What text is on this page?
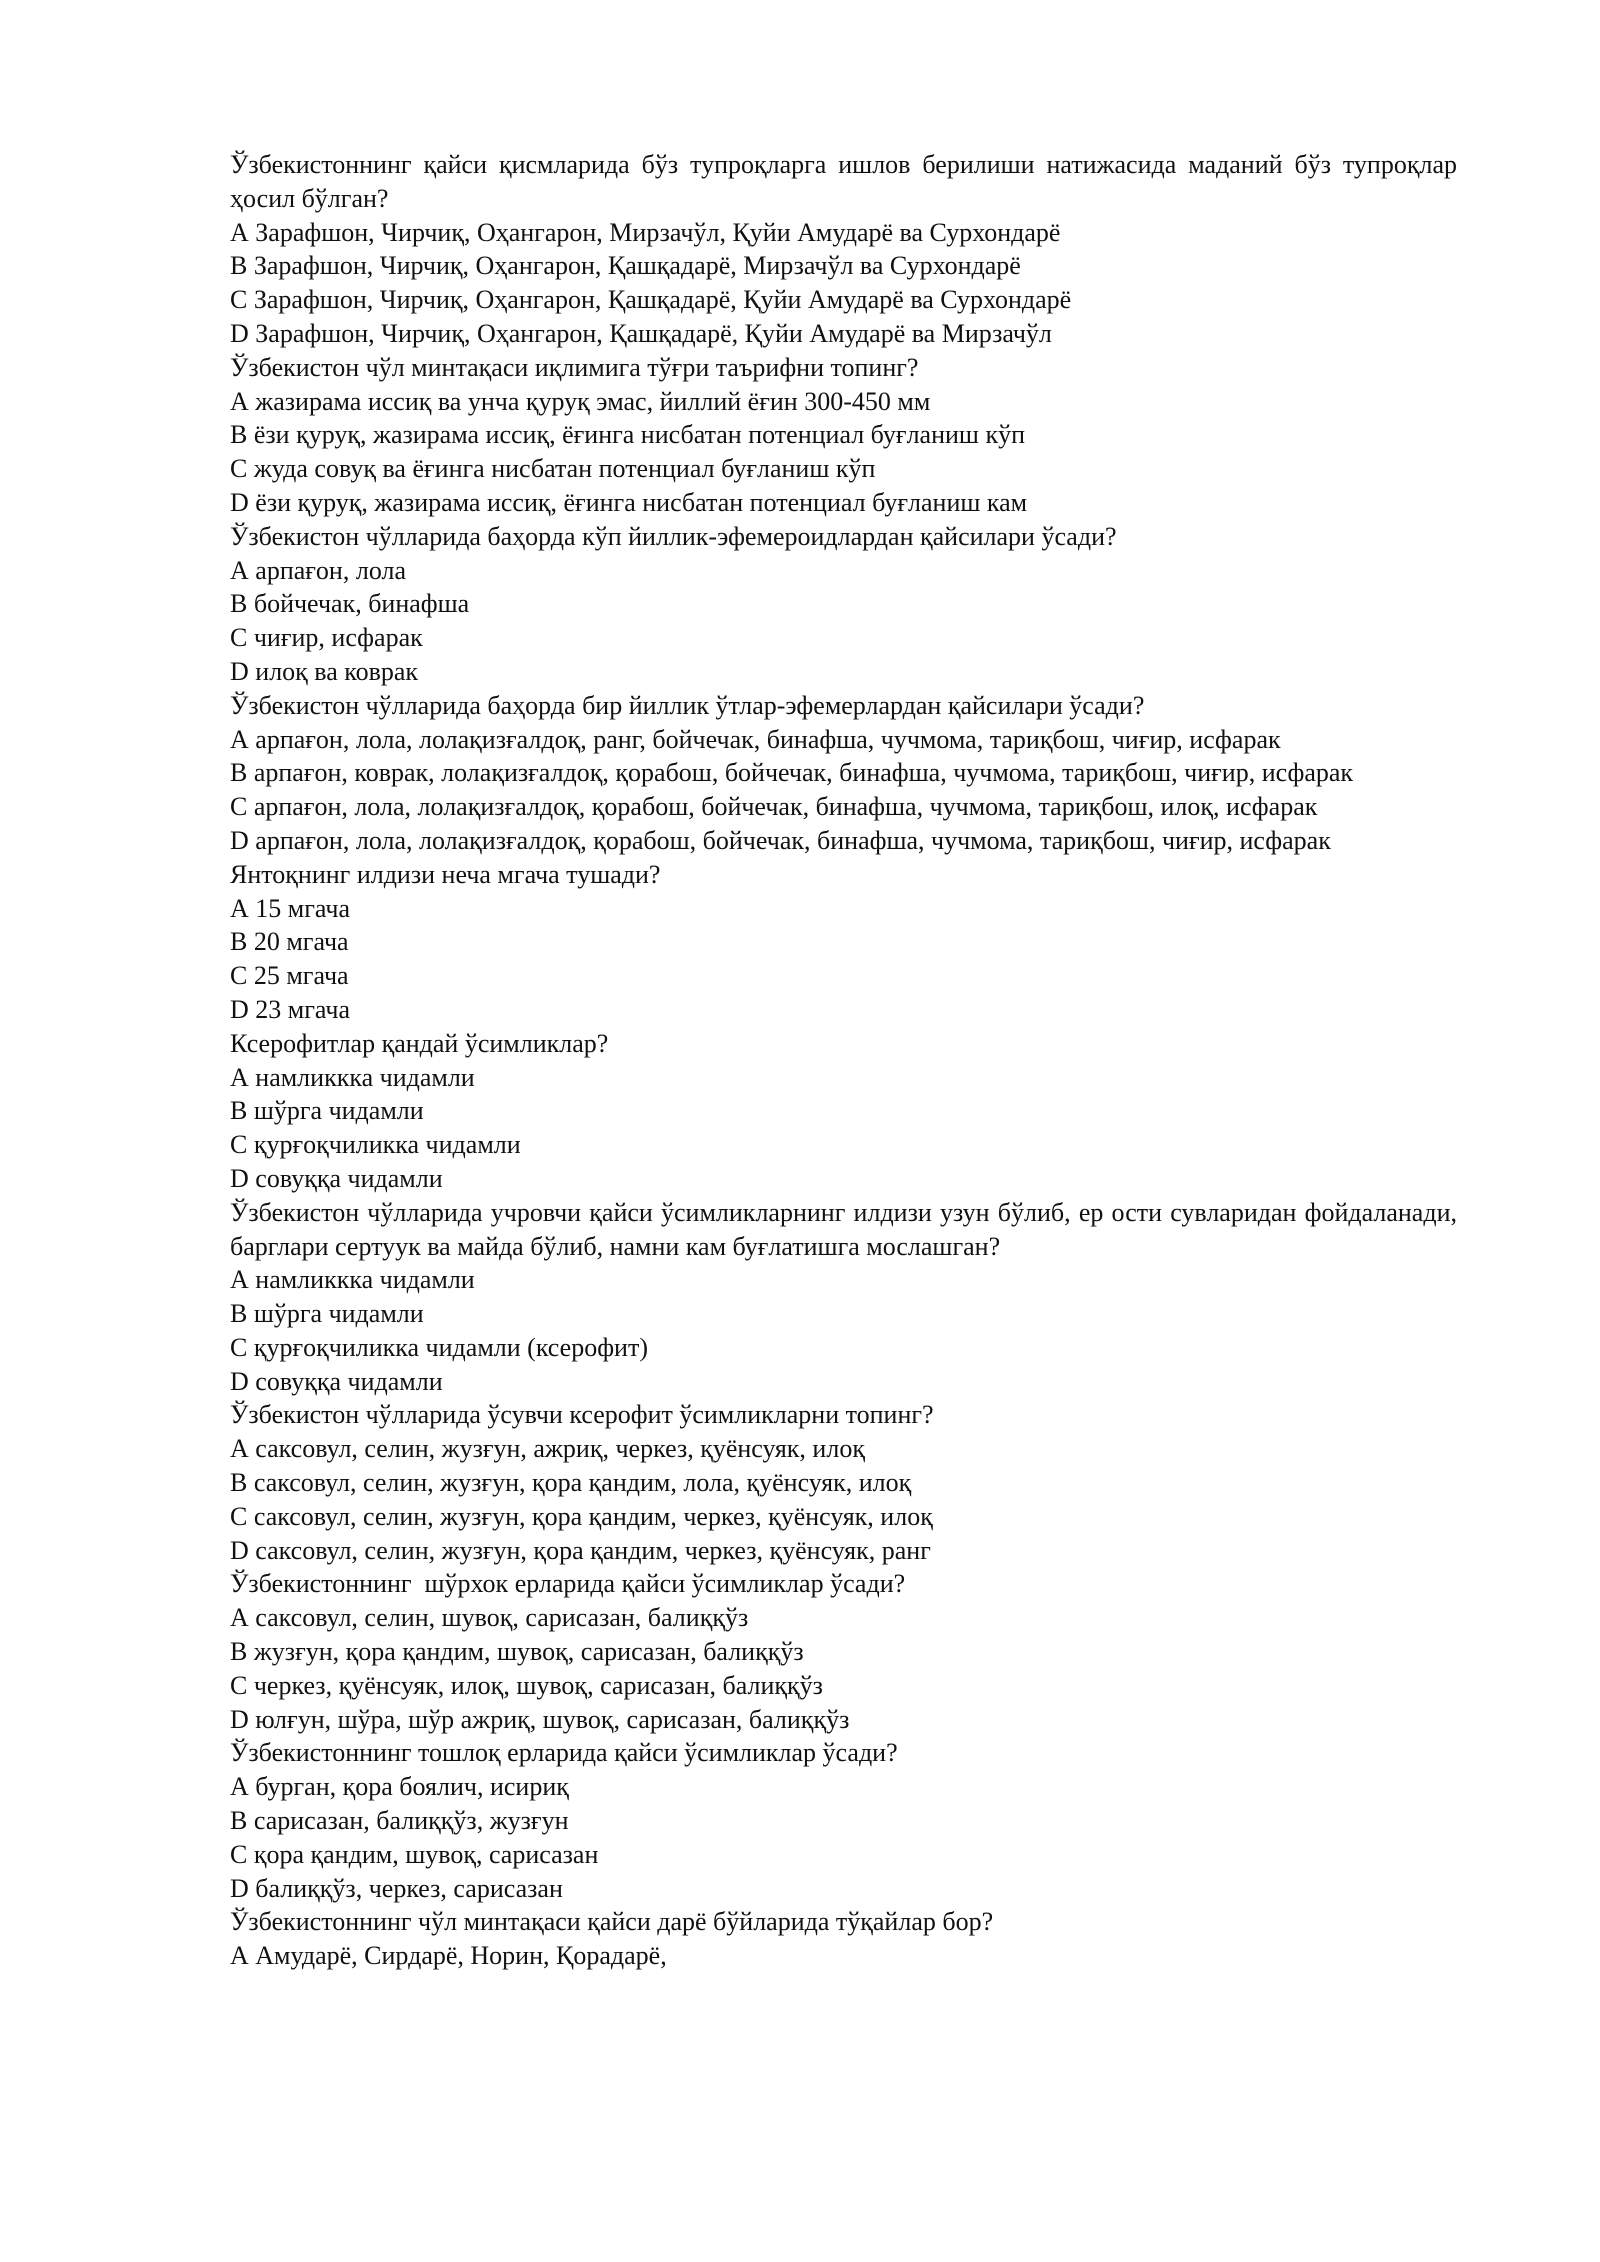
Ўзбекистоннинг қайси қисмларида бўз тупроқларга ишлов берилиши натижасида маданий бўз тупроқлар ҳосил бўлган?

А Зарафшон, Чирчиқ, Оҳангарон, Мирзачўл, Қуйи Амударё ва Сурхондарё

В Зарафшон, Чирчиқ, Оҳангарон, Қашқадарё, Мирзачўл ва Сурхондарё

С Зарафшон, Чирчиқ, Оҳангарон, Қашқадарё, Қуйи Амударё ва Сурхондарё

D Зарафшон, Чирчиқ, Оҳангарон, Қашқадарё, Қуйи Амударё ва Мирзачўл

Ўзбекистон чўл минтақаси иқлимига тўғри таърифни топинг?

А жазирама иссиқ ва унча қуруқ эмас, йиллий ёғин 300-450 мм

В ёзи қуруқ, жазирама иссиқ, ёғинга нисбатан потенциал буғланиш кўп

С жуда совуқ ва ёғинга нисбатан потенциал буғланиш кўп

D ёзи қуруқ, жазирама иссиқ, ёғинга нисбатан потенциал буғланиш кам

Ўзбекистон чўлларида баҳорда кўп йиллик-эфемероидлардан қайсилари ўсади?

А арпағон, лола

В бойчечак, бинафша

С чиғир, исфарак

D илоқ ва коврак

Ўзбекистон чўлларида баҳорда бир йиллик ўтлар-эфемерлардан қайсилари ўсади?

А арпағон, лола, лолақизғалдоқ, ранг, бойчечак, бинафша, чучмома, тариқбош, чиғир, исфарак

В арпағон, коврак, лолақизғалдоқ, қорабош, бойчечак, бинафша, чучмома, тариқбош, чиғир, исфарак

С арпағон, лола, лолақизғалдоқ, қорабош, бойчечак, бинафша, чучмома, тариқбош, илоқ, исфарак

D арпағон, лола, лолақизғалдоқ, қорабош, бойчечак, бинафша, чучмома, тариқбош, чиғир, исфарак

Янтоқнинг илдизи неча мгача тушади?

А 15 мгача

В 20 мгача

С 25 мгача

D 23 мгача

Ксерофитлар қандай ўсимликлар?

А намликкка чидамли

В шўрга чидамли

С қурғоқчиликка чидамли

D совуққа чидамли

Ўзбекистон чўлларида учровчи қайси ўсимликларнинг илдизи узун бўлиб, ер ости сувларидан фойдаланади, барглари сертуук ва майда бўлиб, намни кам буғлатишга мослашган?

А намликкка чидамли

В шўрга чидамли

С қурғоқчиликка чидамли (ксерофит)

D совуққа чидамли

Ўзбекистон чўлларида ўсувчи ксерофит ўсимликларни топинг?

А саксовул, селин, жузғун, ажриқ, черкез, қуёнсуяк, илоқ

В саксовул, селин, жузғун, қора қандим, лола, қуёнсуяк, илоқ

С саксовул, селин, жузғун, қора қандим, черкез, қуёнсуяк, илоқ

D саксовул, селин, жузғун, қора қандим, черкез, қуёнсуяк, ранг

Ўзбекистоннинг  шўрхок ерларида қайси ўсимликлар ўсади?

А саксовул, селин, шувоқ, сарисазан, балиққўз

В жузғун, қора қандим, шувоқ, сарисазан, балиққўз

С черкез, қуёнсуяк, илоқ, шувоқ, сарисазан, балиққўз

D юлғун, шўра, шўр ажриқ, шувоқ, сарисазан, балиққўз

Ўзбекистоннинг тошлоқ ерларида қайси ўсимликлар ўсади?

А бурган, қора боялич, исириқ

В сарисазан, балиққўз, жузғун

С қора қандим, шувоқ, сарисазан

D балиққўз, черкез, сарисазан

Ўзбекистоннинг чўл минтақаси қайси дарё бўйларида тўқайлар бор?

А Амударё, Сирдарё, Норин, Қорадарё,
